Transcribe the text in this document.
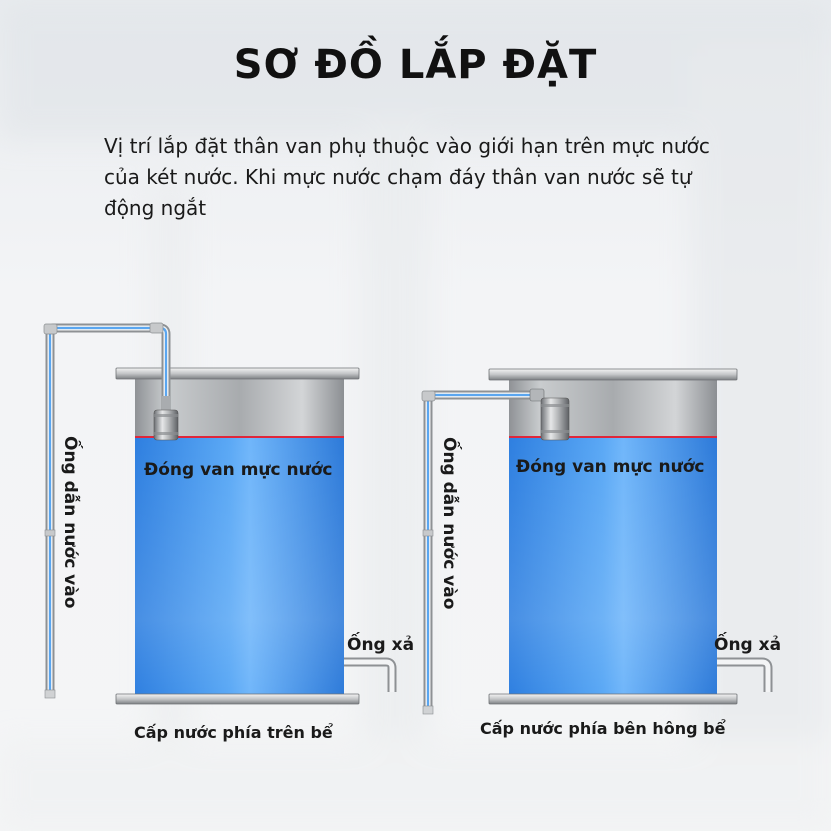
SƠ ĐỒ LẮP ĐẶT
Vị trí lắp đặt thân van phụ thuộc vào giới hạn trên mực nước của két nước. Khi mực nước chạm đáy thân van nước sẽ tự động ngắt
Đóng van mực nước
Ống dẫn nước vào
Ống xả
Cấp nước phía trên bể
Đóng van mực nước
Ống dẫn nước vào
Ống xả
Cấp nước phía bên hông bể
